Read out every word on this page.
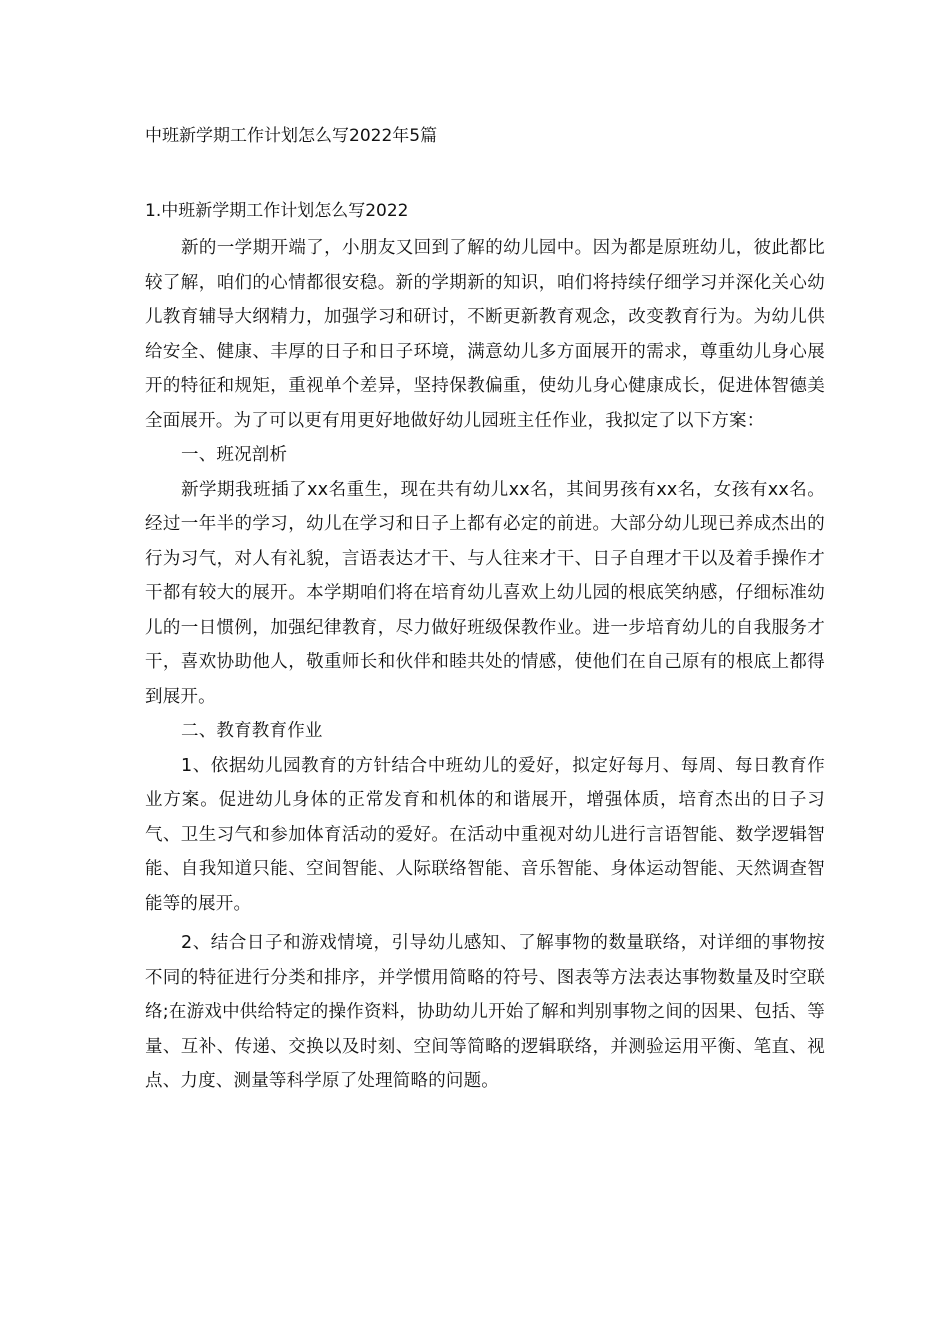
中班新学期工作计划怎么写2022年5篇
1.中班新学期工作计划怎么写2022

新的一学期开端了，小朋友又回到了解的幼儿园中。因为都是原班幼儿，彼此都比较了解，咱们的心情都很安稳。新的学期新的知识，咱们将持续仔细学习并深化关心幼儿教育辅导大纲精力，加强学习和研讨，不断更新教育观念，改变教育行为。为幼儿供给安全、健康、丰厚的日子和日子环境，满意幼儿多方面展开的需求，尊重幼儿身心展开的特征和规矩，重视单个差异，坚持保教偏重，使幼儿身心健康成长，促进体智德美全面展开。为了可以更有用更好地做好幼儿园班主任作业，我拟定了以下方案：

一、班况剖析

新学期我班插了xx名重生，现在共有幼儿xx名，其间男孩有xx名，女孩有xx名。经过一年半的学习，幼儿在学习和日子上都有必定的前进。大部分幼儿现已养成杰出的行为习气，对人有礼貌，言语表达才干、与人往来才干、日子自理才干以及着手操作才干都有较大的展开。本学期咱们将在培育幼儿喜欢上幼儿园的根底笑纳感，仔细标准幼儿的一日惯例，加强纪律教育，尽力做好班级保教作业。进一步培育幼儿的自我服务才干，喜欢协助他人，敬重师长和伙伴和睦共处的情感，使他们在自己原有的根底上都得到展开。

二、教育教育作业

1、依据幼儿园教育的方针结合中班幼儿的爱好，拟定好每月、每周、每日教育作业方案。促进幼儿身体的正常发育和机体的和谐展开，增强体质，培育杰出的日子习气、卫生习气和参加体育活动的爱好。在活动中重视对幼儿进行言语智能、数学逻辑智能、自我知道只能、空间智能、人际联络智能、音乐智能、身体运动智能、天然调查智能等的展开。

2、结合日子和游戏情境，引导幼儿感知、了解事物的数量联络，对详细的事物按不同的特征进行分类和排序，并学惯用简略的符号、图表等方法表达事物数量及时空联络;在游戏中供给特定的操作资料，协助幼儿开始了解和判别事物之间的因果、包括、等量、互补、传递、交换以及时刻、空间等简略的逻辑联络，并测验运用平衡、笔直、视点、力度、测量等科学原了处理简略的问题。
